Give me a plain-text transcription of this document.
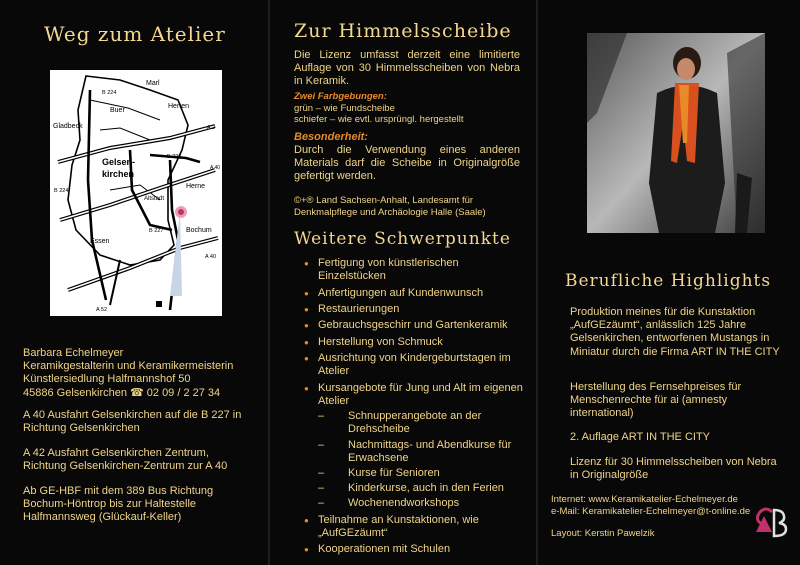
Weg zum Atelier
B 224
Marl
Buer
Herten
Gladbeck	A 2
Gelsen-
kirchen
B 226
A 40
Herne
B 224
Altstadt
B 227	Bochum
Essen
A 40
A 52
Barbara Echelmeyer
Keramikgestalterin und Keramikermeisterin
Künstlersiedlung Halfmannshof 50
45886 Gelsenkirchen ☎ 02 09 / 2 27 34
A 40 Ausfahrt Gelsenkirchen auf die B 227 in Richtung Gelsenkirchen
A 42 Ausfahrt Gelsenkirchen Zentrum, Richtung Gelsenkirchen-Zentrum zur A 40
Ab GE-HBF mit dem 389 Bus Richtung Bochum-Höntrop bis zur Haltestelle Halfmannsweg (Glückauf-Keller)
Zur Himmelsscheibe
Die Lizenz umfasst derzeit eine limitierte Auflage von 30 Himmelsscheiben von Nebra in Keramik.
Zwei Farbgebungen:
grün – wie Fundscheibe
schiefer – wie evtl. ursprüngl. hergestellt
Besonderheit:
Durch die Verwendung eines anderen Materials darf die Scheibe in Originalgröße gefertigt werden.
©+® Land Sachsen-Anhalt, Landesamt für Denkmalpflege und Archäologie Halle (Saale)
Weitere Schwerpunkte
● Fertigung von künstlerischen Einzelstücken
● Anfertigungen auf Kundenwunsch
● Restaurierungen
● Gebrauchsgeschirr und Gartenkeramik
● Herstellung von Schmuck
● Ausrichtung von Kindergeburtstagen im Atelier
● Kursangebote für Jung und Alt im eigenen Atelier
– Schnupperangebote an der Drehscheibe
– Nachmittags- und Abendkurse für Erwachsene
– Kurse für Senioren
– Kinderkurse, auch in den Ferien
– Wochenendworkshops
● Teilnahme an Kunstaktionen, wie „AufGEzäumt“
● Kooperationen mit Schulen
Berufliche Highlights
Produktion meines für die Kunstaktion „AufGEzäumt“, anlässlich 125 Jahre Gelsenkirchen, entworfenen Mustangs in Miniatur durch die Firma ART IN THE CITY
Herstellung des Fernsehpreises für Menschenrechte für ai (amnesty international)
2. Auflage ART IN THE CITY
Lizenz für 30 Himmelsscheiben von Nebra in Originalgröße
Internet: www.Keramikatelier-Echelmeyer.de
e-Mail: Keramikatelier-Echelmeyer@t-online.de
Layout: Kerstin Pawelzik
